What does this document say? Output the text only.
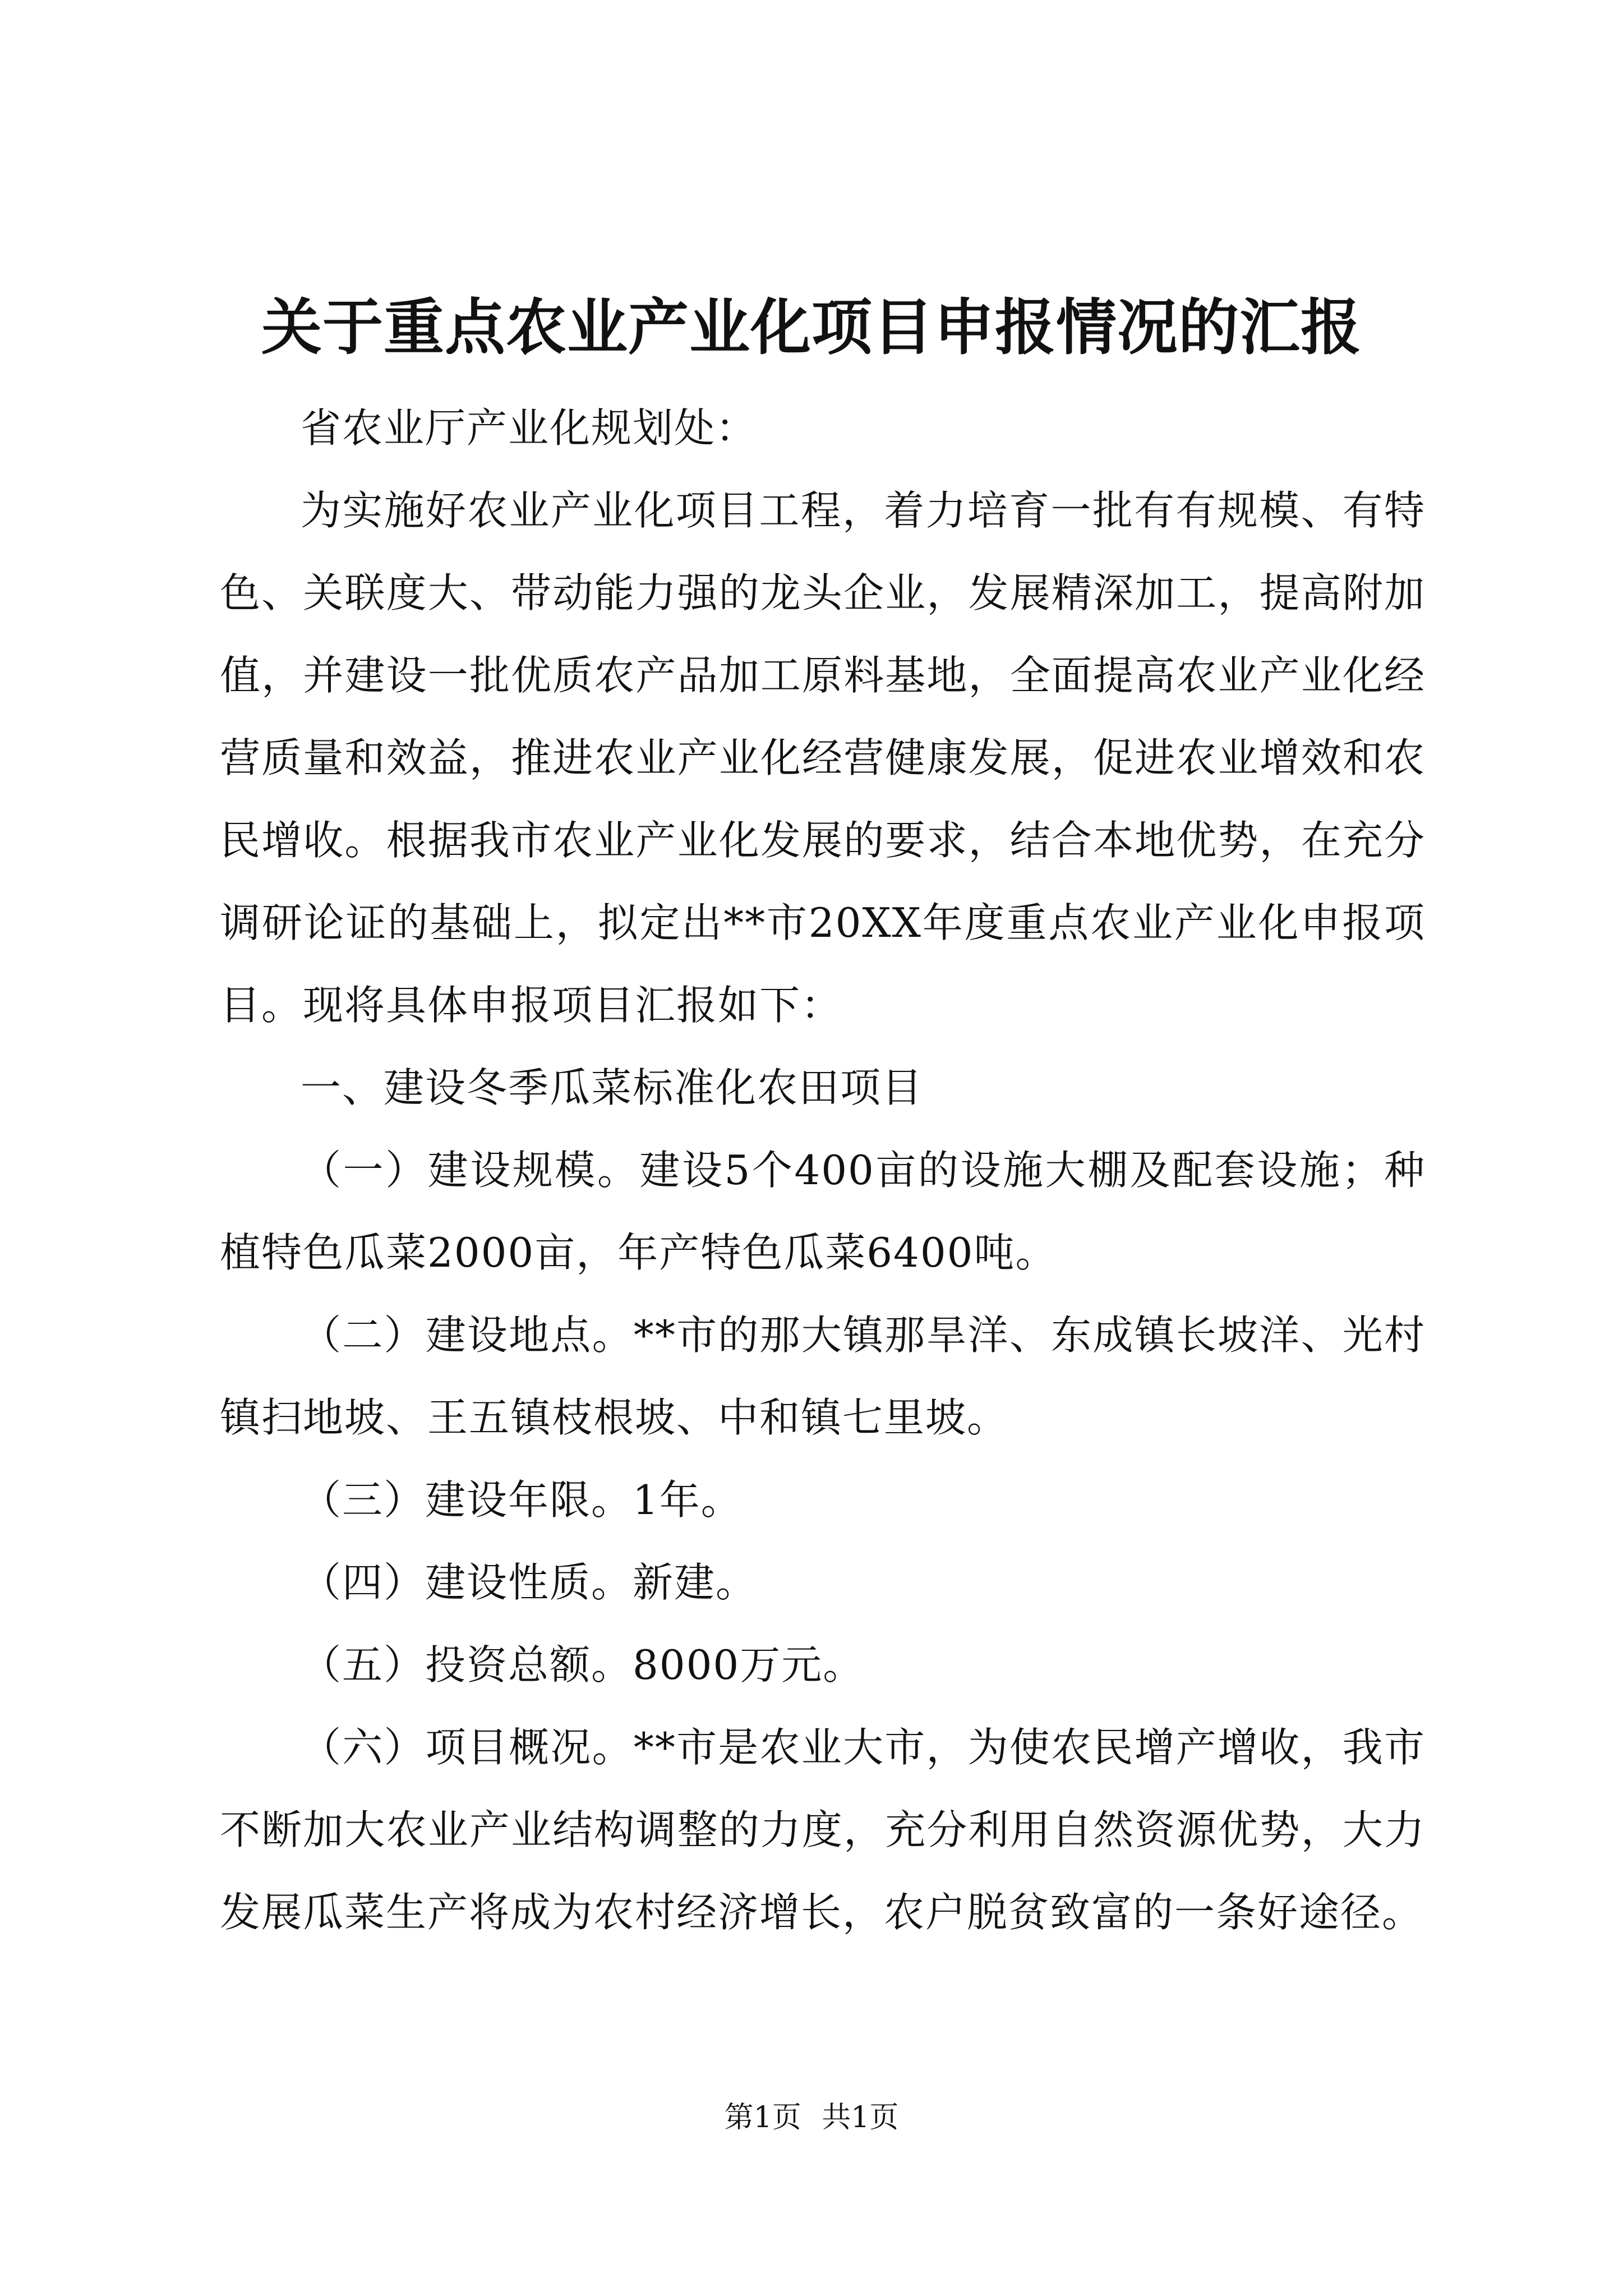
关于重点农业产业化项目申报情况的汇报

省农业厅产业化规划处：

为实施好农业产业化项目工程，着力培育一批有有规模、有特色、关联度大、带动能力强的龙头企业，发展精深加工，提高附加值，并建设一批优质农产品加工原料基地，全面提高农业产业化经营质量和效益，推进农业产业化经营健康发展，促进农业增效和农民增收。根据我市农业产业化发展的要求，结合本地优势，在充分调研论证的基础上，拟定出**市20XX年度重点农业产业化申报项目。现将具体申报项目汇报如下：

一、建设冬季瓜菜标准化农田项目

（一）建设规模。建设5个400亩的设施大棚及配套设施；种植特色瓜菜2000亩，年产特色瓜菜6400吨。

（二）建设地点。**市的那大镇那旱洋、东成镇长坡洋、光村镇扫地坡、王五镇枝根坡、中和镇七里坡。

（三）建设年限。1年。

（四）建设性质。新建。

（五）投资总额。8000万元。

（六）项目概况。**市是农业大市，为使农民增产增收，我市不断加大农业产业结构调整的力度，充分利用自然资源优势，大力发展瓜菜生产将成为农村经济增长，农户脱贫致富的一条好途径。

第1页 共1页
